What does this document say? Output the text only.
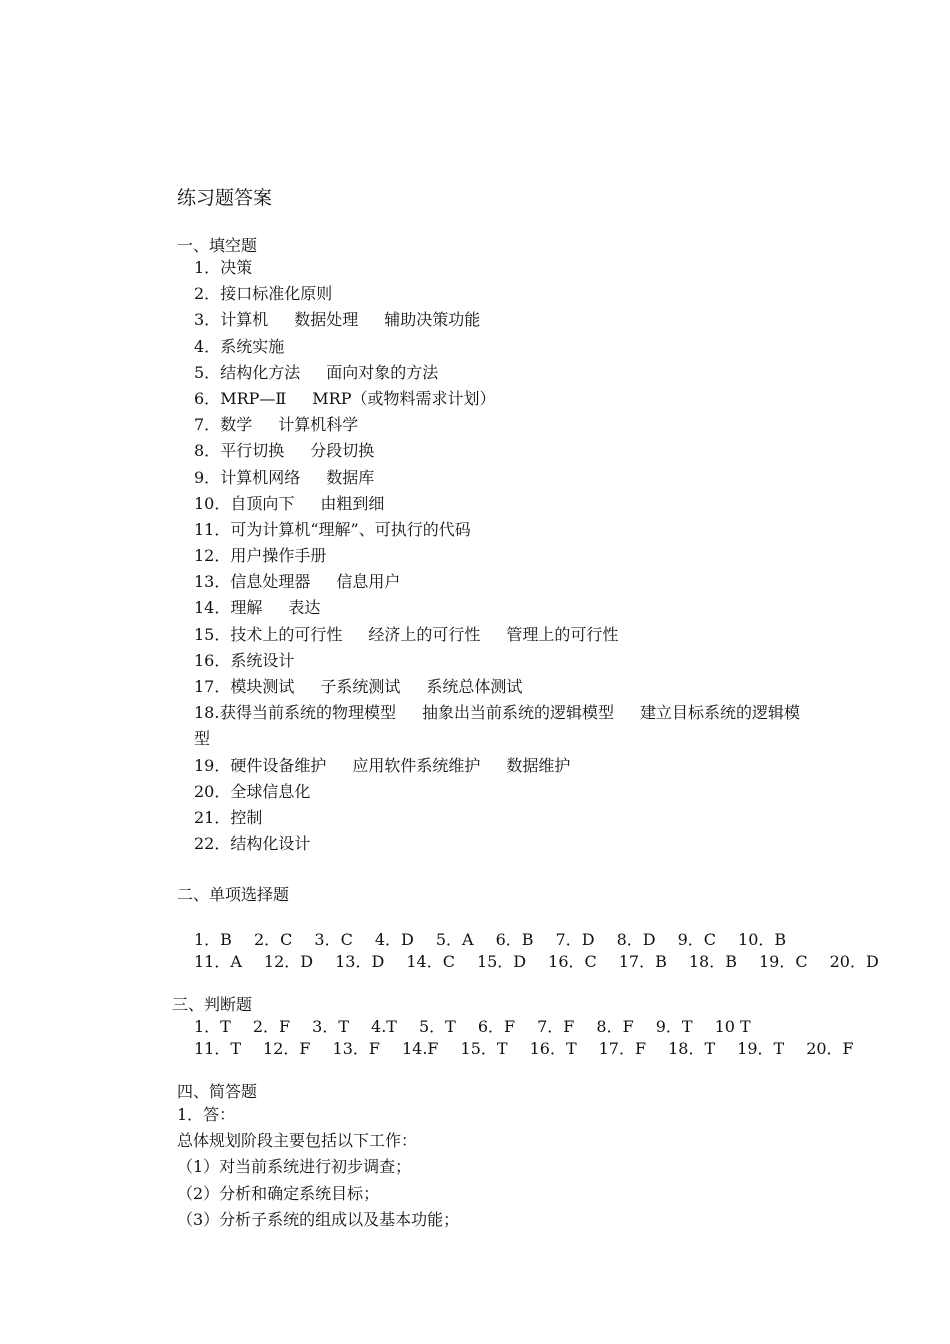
练习题答案
一、填空题
1．决策
2．接口标准化原则
3．计算机 数据处理 辅助决策功能
4．系统实施
5．结构化方法 面向对象的方法
6．MRP—Ⅱ MRP（或物料需求计划）
7．数学 计算机科学
8．平行切换 分段切换
9．计算机网络 数据库
10．自顶向下 由粗到细
11．可为计算机“理解”、可执行的代码
12．用户操作手册
13．信息处理器 信息用户
14．理解 表达
15．技术上的可行性 经济上的可行性 管理上的可行性
16．系统设计
17．模块测试 子系统测试 系统总体测试
18.获得当前系统的物理模型 抽象出当前系统的逻辑模型 建立目标系统的逻辑模型
19．硬件设备维护 应用软件系统维护 数据维护
20．全球信息化
21．控制
22．结构化设计
二、单项选择题
1．B 2．C 3．C 4．D 5．A 6．B 7．D 8．D 9．C 10．B
11．A 12．D 13．D 14．C 15．D 16．C 17．B 18．B 19．C 20．D
三、判断题
1．T 2．F 3．T 4.T 5．T 6．F 7．F 8．F 9．T 10 T
11．T 12．F 13．F 14.F 15．T 16．T 17．F 18．T 19．T 20．F
四、简答题
1．答：
总体规划阶段主要包括以下工作：
（1）对当前系统进行初步调查；
（2）分析和确定系统目标；
（3）分析子系统的组成以及基本功能；
